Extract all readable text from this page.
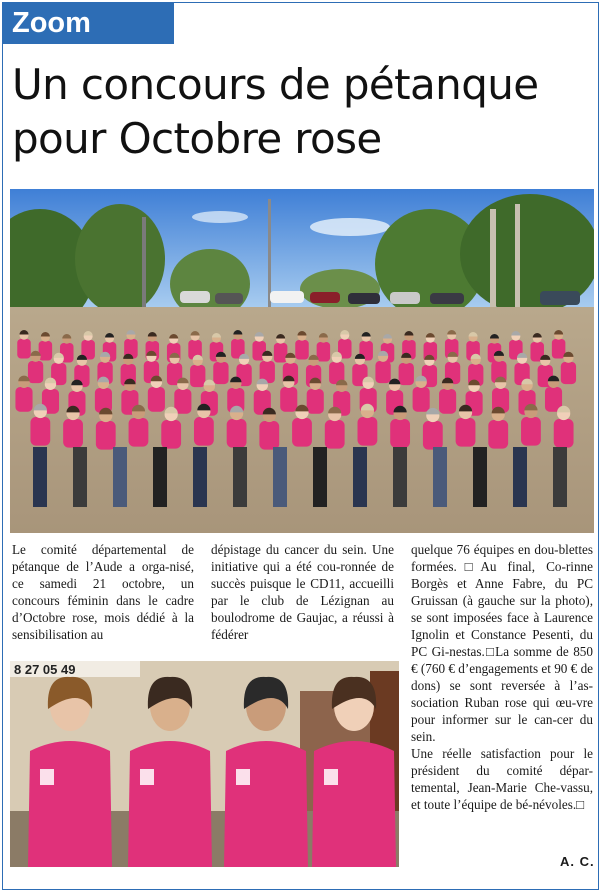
Zoom
Un concours de pétanque
pour Octobre rose
8 27 05 49

Le comité départemental de pétanque de l’Aude a orga-nisé, ce samedi 21 octobre, un concours féminin dans le cadre d’Octobre rose, mois dédié à la sensibilisation au

dépistage du cancer du sein. Une initiative qui a été cou-ronnée de succès puisque le CD11, accueilli par le club de Lézignan au boulodrome de Gaujac, a réussi à fédérer

quelque 76 équipes en dou-blettes formées.□Au final, Co-rinne Borgès et Anne Fabre, du PC Gruissan (à gauche sur la photo), se sont imposées face à Laurence Ignolin et Constance Pesenti, du PC Gi-nestas.□La somme de 850 € (760 € d’engagements et 90 € de dons) se sont reversée à l’as-sociation Ruban rose qui œu-vre pour informer sur le can-cer du sein.

Une réelle satisfaction pour le président du comité dépar-temental, Jean-Marie Che-vassu, et toute l’équipe de bé-névoles.□

A. C.
